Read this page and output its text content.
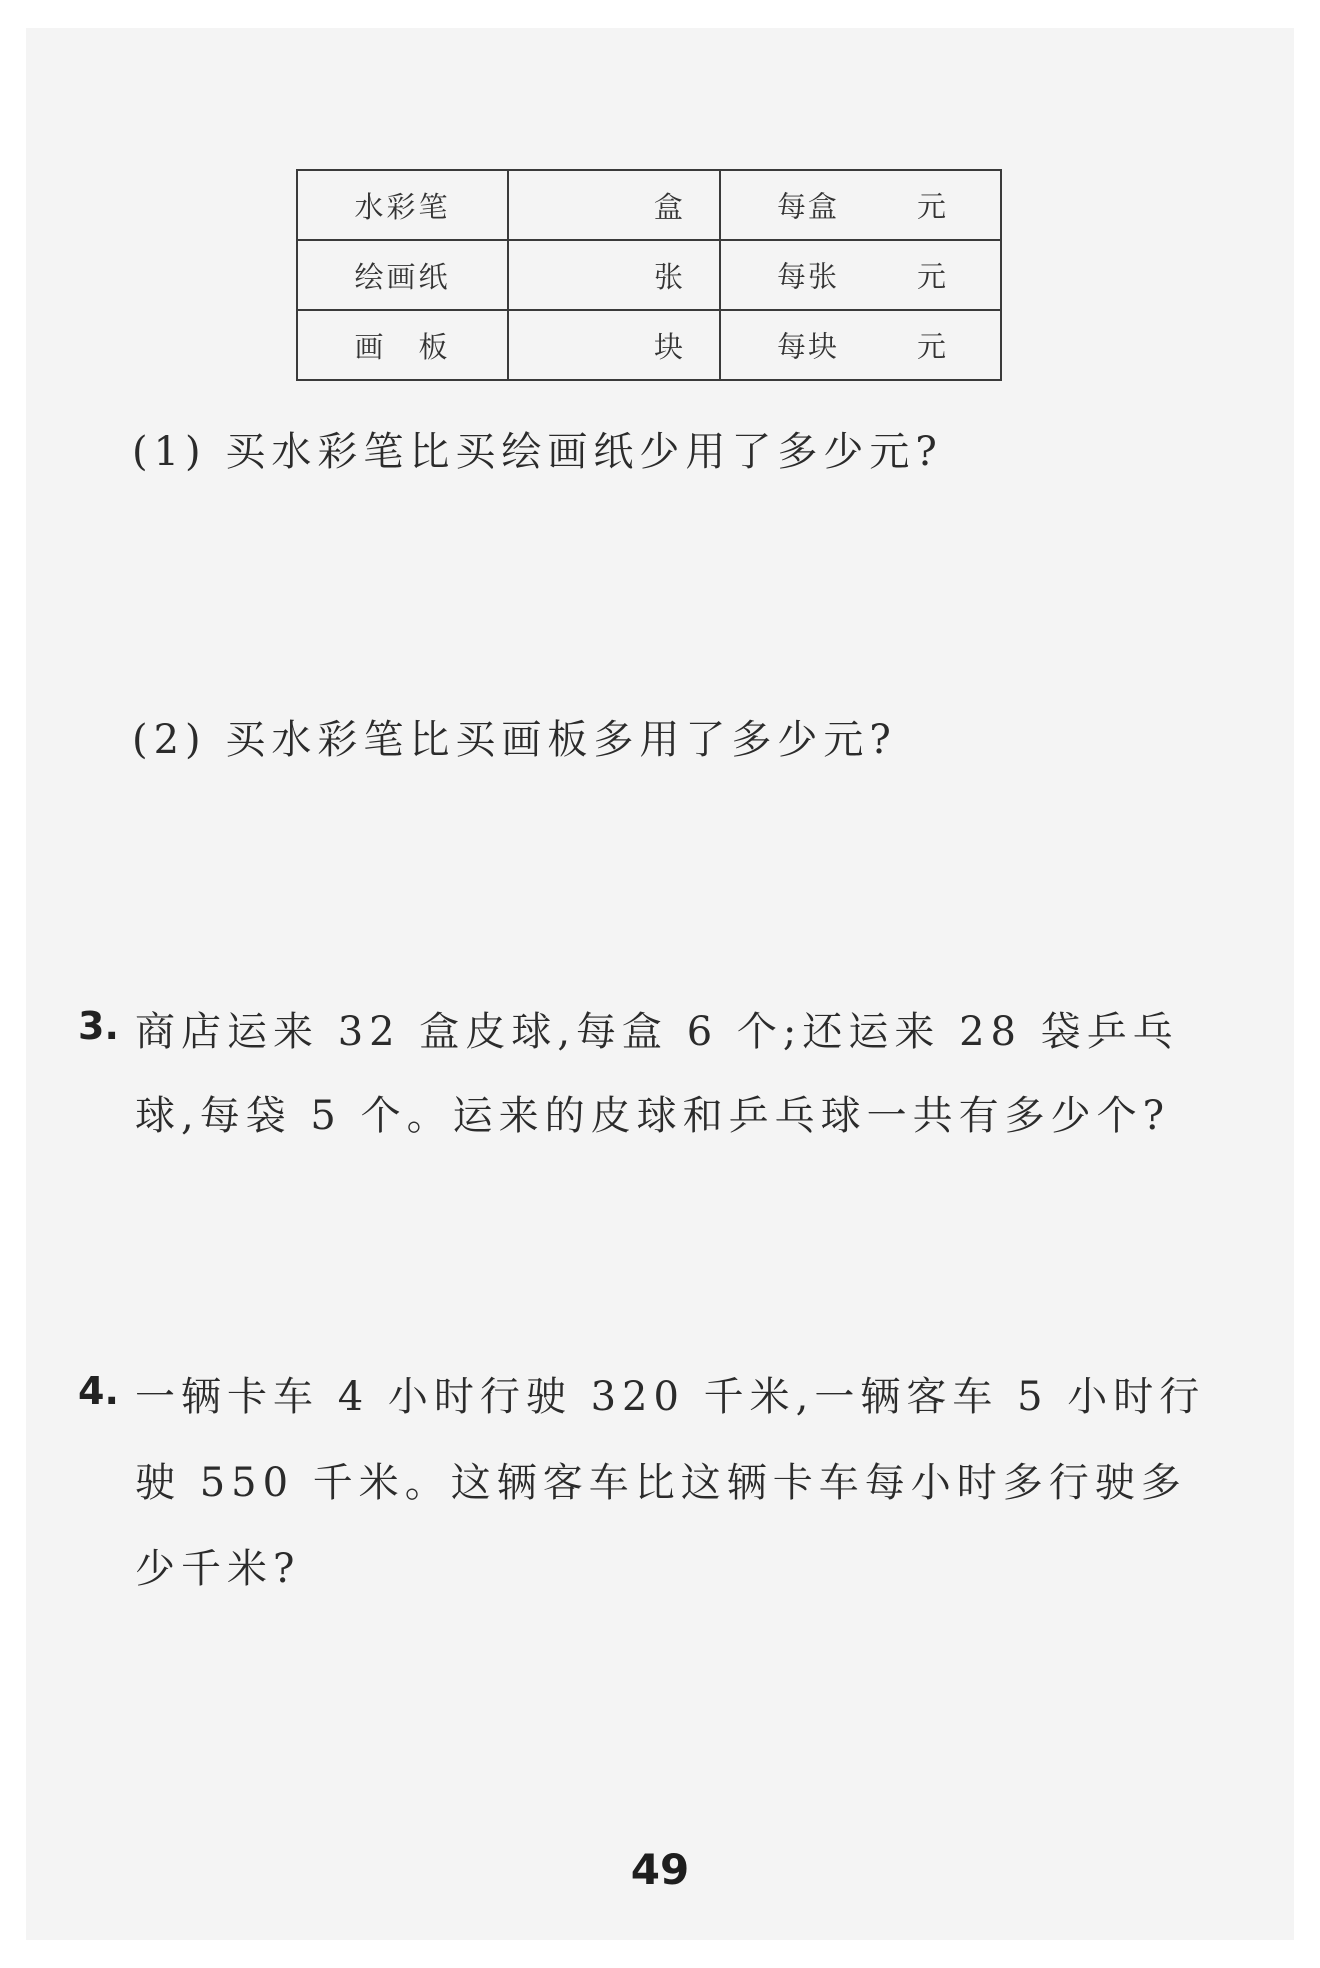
水彩笔	盒	每盒 元

绘画纸	张	每张 元

画　板	块	每块 元
(1) 买水彩笔比买绘画纸少用了多少元?
(2) 买水彩笔比买画板多用了多少元?
3. 商店运来 32 盒皮球,每盒 6 个;还运来 28 袋乒乓
球,每袋 5 个。运来的皮球和乒乓球一共有多少个?
4. 一辆卡车 4 小时行驶 320 千米,一辆客车 5 小时行
驶 550 千米。这辆客车比这辆卡车每小时多行驶多
少千米?
49
